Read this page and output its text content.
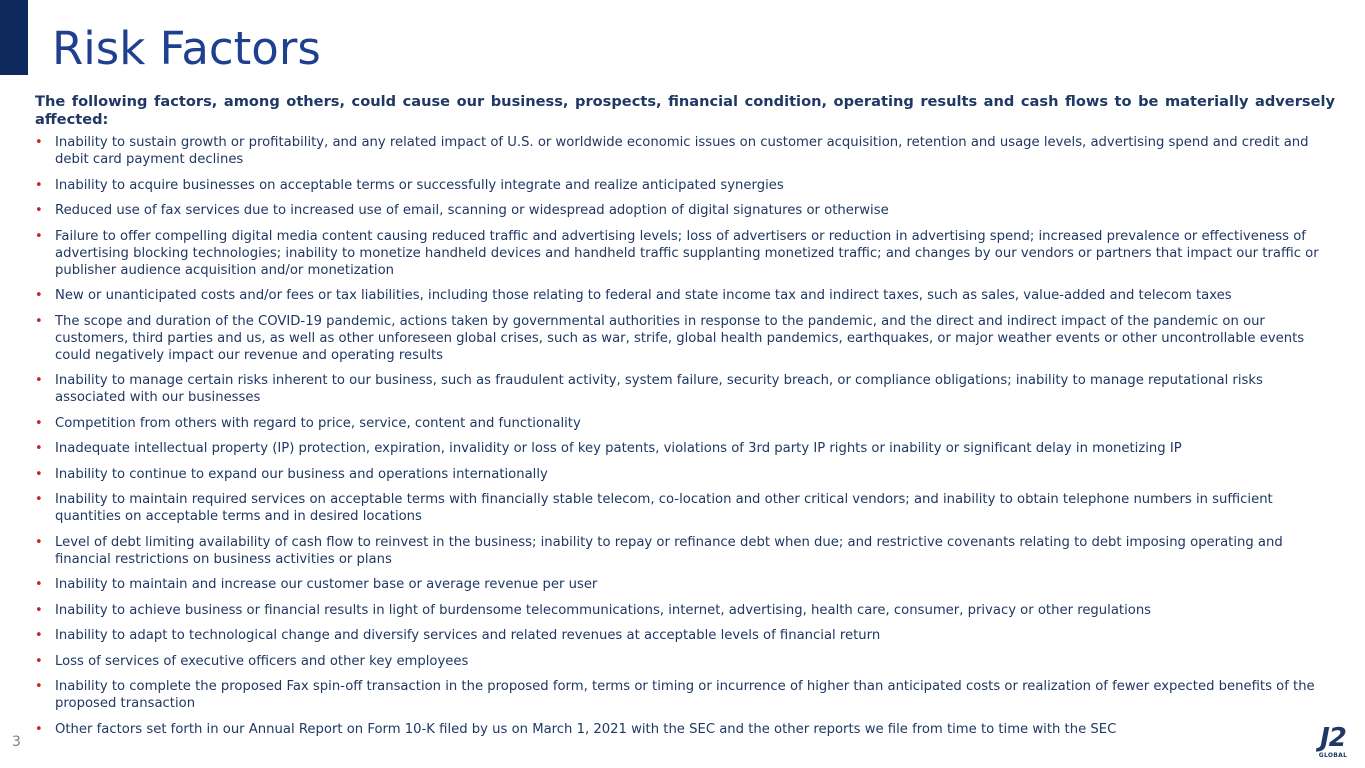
Risk Factors

The following factors, among others, could cause our business, prospects, financial condition, operating results and cash flows to be materially adversely affected:

• Inability to sustain growth or profitability, and any related impact of U.S. or worldwide economic issues on customer acquisition, retention and usage levels, advertising spend and credit and debit card payment declines
• Inability to acquire businesses on acceptable terms or successfully integrate and realize anticipated synergies
• Reduced use of fax services due to increased use of email, scanning or widespread adoption of digital signatures or otherwise
• Failure to offer compelling digital media content causing reduced traffic and advertising levels; loss of advertisers or reduction in advertising spend; increased prevalence or effectiveness of advertising blocking technologies; inability to monetize handheld devices and handheld traffic supplanting monetized traffic; and changes by our vendors or partners that impact our traffic or publisher audience acquisition and/or monetization
• New or unanticipated costs and/or fees or tax liabilities, including those relating to federal and state income tax and indirect taxes, such as sales, value-added and telecom taxes
• The scope and duration of the COVID-19 pandemic, actions taken by governmental authorities in response to the pandemic, and the direct and indirect impact of the pandemic on our customers, third parties and us, as well as other unforeseen global crises, such as war, strife, global health pandemics, earthquakes, or major weather events or other uncontrollable events could negatively impact our revenue and operating results
• Inability to manage certain risks inherent to our business, such as fraudulent activity, system failure, security breach, or compliance obligations; inability to manage reputational risks associated with our businesses
• Competition from others with regard to price, service, content and functionality
• Inadequate intellectual property (IP) protection, expiration, invalidity or loss of key patents, violations of 3rd party IP rights or inability or significant delay in monetizing IP
• Inability to continue to expand our business and operations internationally
• Inability to maintain required services on acceptable terms with financially stable telecom, co-location and other critical vendors; and inability to obtain telephone numbers in sufficient quantities on acceptable terms and in desired locations
• Level of debt limiting availability of cash flow to reinvest in the business; inability to repay or refinance debt when due; and restrictive covenants relating to debt imposing operating and financial restrictions on business activities or plans
• Inability to maintain and increase our customer base or average revenue per user
• Inability to achieve business or financial results in light of burdensome telecommunications, internet, advertising, health care, consumer, privacy or other regulations
• Inability to adapt to technological change and diversify services and related revenues at acceptable levels of financial return
• Loss of services of executive officers and other key employees
• Inability to complete the proposed Fax spin-off transaction in the proposed form, terms or timing or incurrence of higher than anticipated costs or realization of fewer expected benefits of the proposed transaction
• Other factors set forth in our Annual Report on Form 10-K filed by us on March 1, 2021 with the SEC and the other reports we file from time to time with the SEC
3	J2
GLOBAL
